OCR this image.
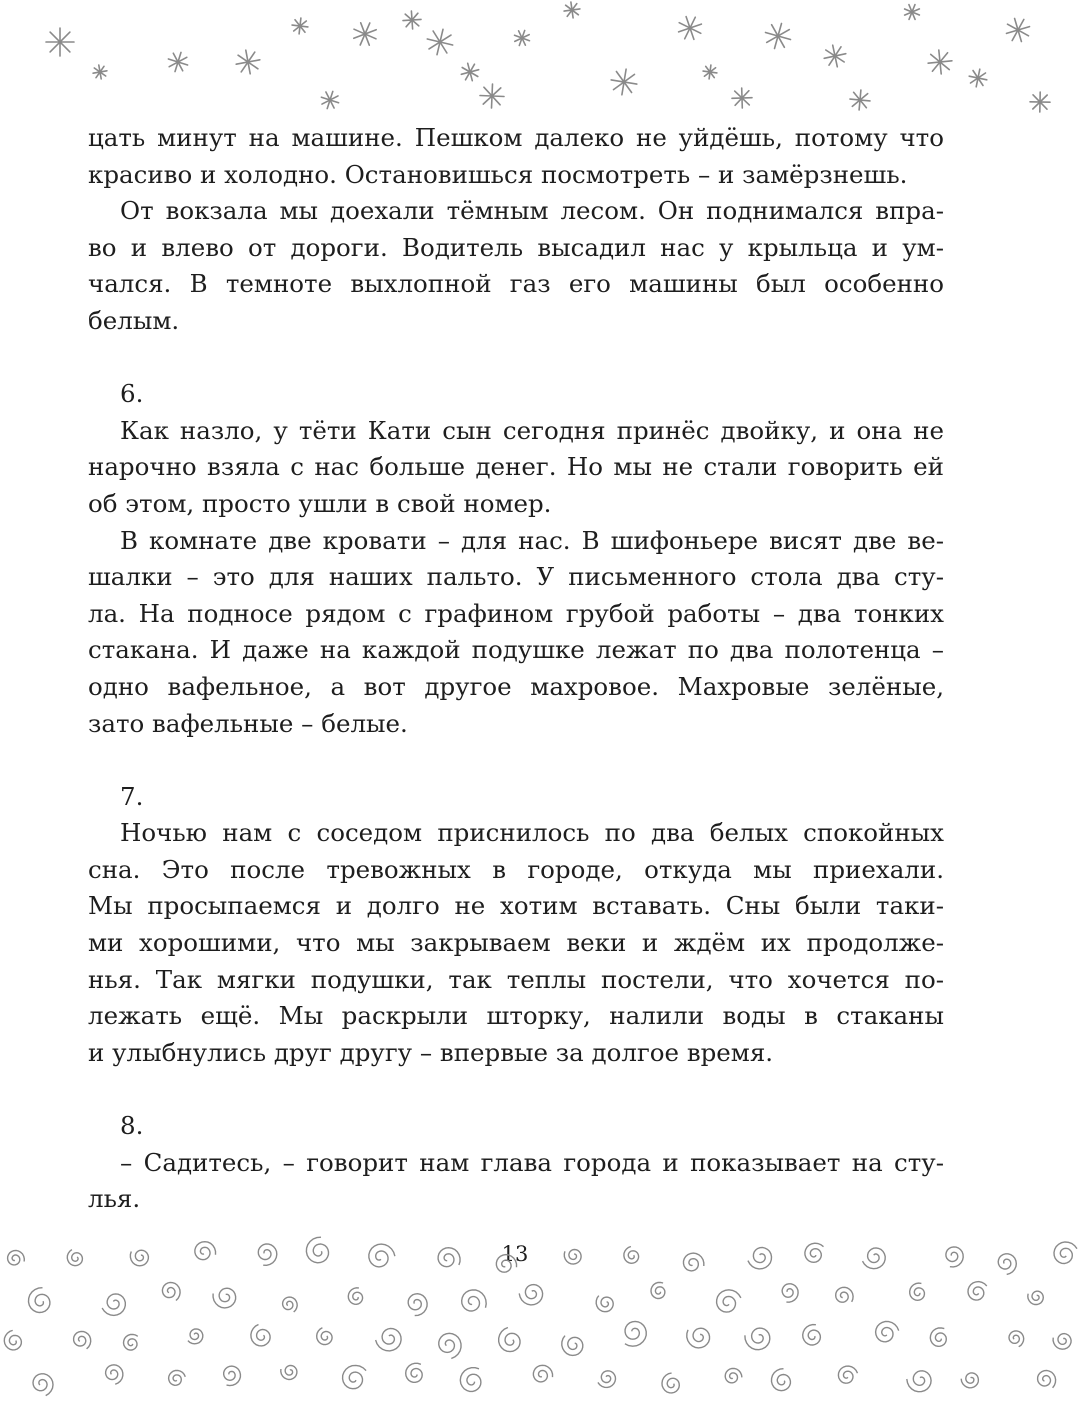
цать минут на машине. Пешком далеко не уйдёшь, потому что
красиво и холодно. Остановишься посмотреть – и замёрзнешь.
От вокзала мы доехали тёмным лесом. Он поднимался впра-
во и влево от дороги. Водитель высадил нас у крыльца и ум-
чался. В темноте выхлопной газ его машины был особенно
белым.
6.
Как назло, у тёти Кати сын сегодня принёс двойку, и она не
нарочно взяла с нас больше денег. Но мы не стали говорить ей
об этом, просто ушли в свой номер.
В комнате две кровати – для нас. В шифоньере висят две ве-
шалки – это для наших пальто. У письменного стола два сту-
ла. На подносе рядом с графином грубой работы – два тонких
стакана. И даже на каждой подушке лежат по два полотенца –
одно вафельное, а вот другое махровое. Махровые зелёные,
зато вафельные – белые.
7.
Ночью нам с соседом приснилось по два белых спокойных
сна. Это после тревожных в городе, откуда мы приехали.
Мы просыпаемся и долго не хотим вставать. Сны были таки-
ми хорошими, что мы закрываем веки и ждём их продолже-
нья. Так мягки подушки, так теплы постели, что хочется по-
лежать ещё. Мы раскрыли шторку, налили воды в стаканы
и улыбнулись друг другу – впервые за долгое время.
8.
– Садитесь, – говорит нам глава города и показывает на сту-
лья.
13
